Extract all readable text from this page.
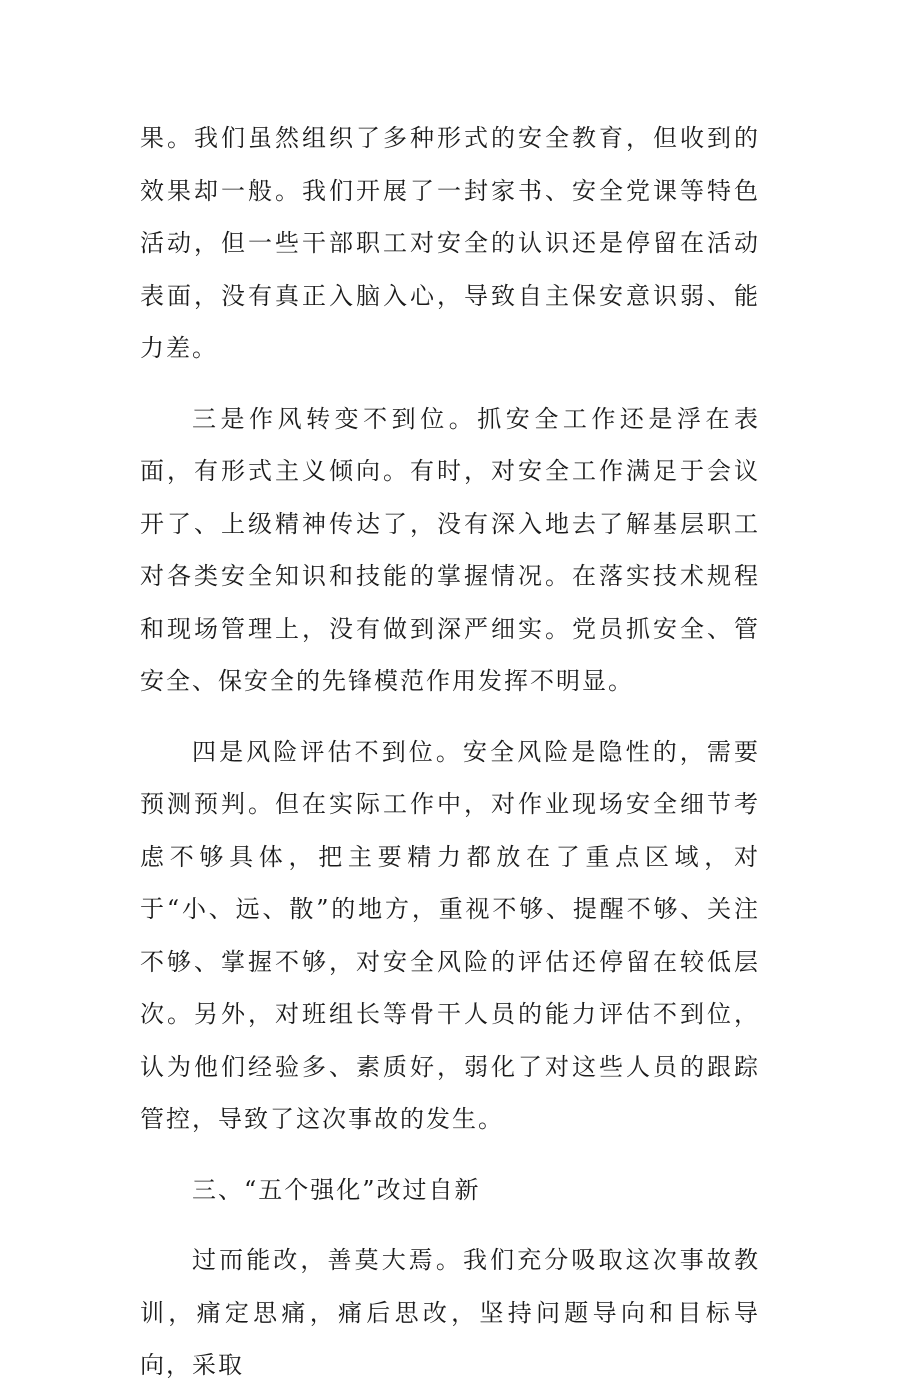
果。我们虽然组织了多种形式的安全教育，但收到的效果却一般。我们开展了一封家书、安全党课等特色活动，但一些干部职工对安全的认识还是停留在活动表面，没有真正入脑入心，导致自主保安意识弱、能力差。

三是作风转变不到位。抓安全工作还是浮在表面，有形式主义倾向。有时，对安全工作满足于会议开了、上级精神传达了，没有深入地去了解基层职工对各类安全知识和技能的掌握情况。在落实技术规程和现场管理上，没有做到深严细实。党员抓安全、管安全、保安全的先锋模范作用发挥不明显。

四是风险评估不到位。安全风险是隐性的，需要预测预判。但在实际工作中，对作业现场安全细节考虑不够具体，把主要精力都放在了重点区域，对于“小、远、散”的地方，重视不够、提醒不够、关注不够、掌握不够，对安全风险的评估还停留在较低层次。另外，对班组长等骨干人员的能力评估不到位，认为他们经验多、素质好，弱化了对这些人员的跟踪管控，导致了这次事故的发生。

三、“五个强化”改过自新

过而能改，善莫大焉。我们充分吸取这次事故教训，痛定思痛，痛后思改，坚持问题导向和目标导向，采取
